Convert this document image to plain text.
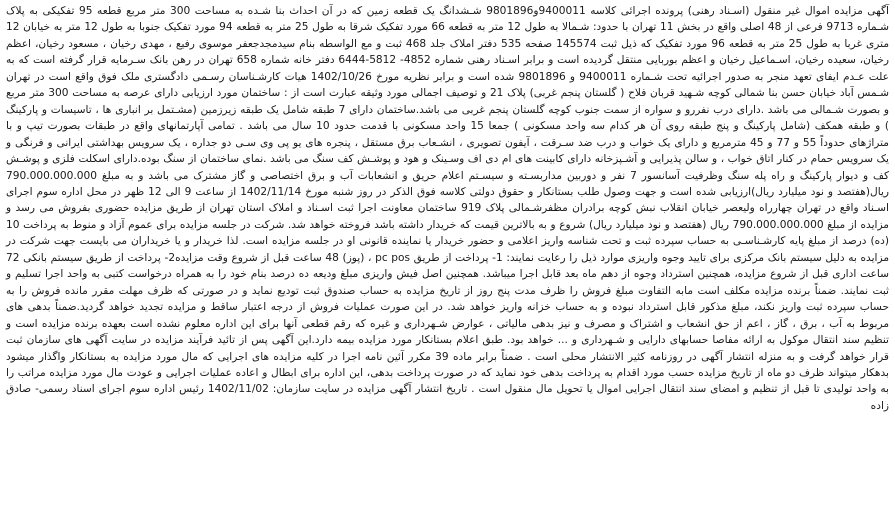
آگهی مزایده اموال غیر منقول (اسـناد رهنی) پرونده اجرائی کلاسه 9400011و9801896 شـشدانگ یک قطعه زمین که در آن احداث بنا شـده به مساحت 300 متر مربع قطعه 95 تفکیکی به پلاک شـماره 9713 فرعی از 48 اصلی واقع در بخش 11 تهران با حدود: شـمالا به طول 12 متر به قطعه 66 مورد تفکیک شرقا به طول 25 متر به قطعه 94 مورد تفکیک جنوبا به طول 12 متر به خیابان 12 متری غربا به طول 25 متر به قطعه 96 مورد تفکیک که ذیل ثبت 145574 صفحه 535 دفتر املاک جلد 468 ثبت و مع الواسطه بنام سیدمجدجعفر موسوی رفیع ، مهدی رخیان ، مسعود رخیان، اعظم رخیان، سعیده رخیان، اسـماعیل رخیان و اعظم بوربایی منتقل گردیده است و برابر اسـناد رهنی شماره 4852- 5812-6444 دفتر خانه شماره 658 تهران در رهن بانک سـرمایه قرار گرفته است که به علت عـدم ایفای تعهد منجر به صدور اجرائیه تحت شـماره 9400011 و 9801896 شده است و برابر نظریه مورخ 1402/10/26 هیات کارشـناسان رسـمی دادگستری ملک فوق واقع است در تهران شـمس آباد خیابان حسن بنا شمالی کوچه شـهید قربان فلاح ( گلستان پنجم غربی) پلاک 21 و توصیف اجمالی مورد وثیقه عبارت است از : ساختمان مورد ارزیابی دارای عرصه به مساحت 300 متر مربع و بصورت شـمالی می باشد .دارای درب نفررو و سواره از سمت جنوب کوچه گلستان پنجم غربی می باشد.ساختمان دارای 7 طبقه شامل یک طبقه زیرزمین (مشـتمل بر انباری ها ، تاسیسات و پارکینگ ) و طبقه همکف (شامل پارکینگ و پنج طبقه روی آن هر کدام سه واحد مسکونی ) جمعا 15 واحد مسکونی با قدمت حدود 10 سال می باشد . تمامی آپارتمانهای واقع در طبقات بصورت تیپ و با متراژهای حدوداً 55 و 77 و 45 مترمربع و دارای یک خواب و درب ضد سـرقت ، آیفون تصویری ، انشـعاب برق مستقل ، پنجره های یو پی وی سـی دو جداره ، یک سرویس بهداشتی ایرانی و فرنگی و یک سرویس حمام در کنار اتاق خواب ، و سالن پذیرایی و آشـپزخانه دارای کابینت های ام دی اف وسـینک و هود و پوشـش کف سنگ می باشد .نمای ساختمان از سنگ بوده.دارای اسکلت فلزی و پوشـش کف و دیوار پارکینگ و راه پله سنگ وظرفیت آسانسور 7 نفر و دوربین مداربسـته و سیسـتم اعلام حریق و انشعابات آب و برق اختصاصی و گاز مشترک می باشد و به مبلغ 790.000.000.000 ریال(هفتصد و نود میلیارد ریال)ارزیابی شده است و جهت وصول طلب بستانکار و حقوق دولتی کلاسه فوق الذکر در روز شنبه مورخ 1402/11/14 از ساعت 9 الی 12 ظهر در محل اداره سوم اجرای اسـناد واقع در تهران چهارراه ولیعصر خیابان انقلاب نبش کوچه برادران مظفرشـمالی پلاک 919 ساختمان معاونت اجرا ثبت اسـناد و املاک استان تهران از طریق مزایده حضوری بفروش می رسد و مزایده از مبلغ 790.000.000.000 ریال (هفتصد و نود میلیارد ریال) شروع و به بالاترین قیمت که خریدار داشته باشد فروخته خواهد شد. شرکت در جلسه مزایده برای عموم آزاد و منوط به پرداخت 10 (ده) درصد از مبلغ پایه کارشـناسـی به حساب سپرده ثبت و تحت شناسه واریز اعلامی و حضور خریدار یا نماینده قانونی او در جلسه مزایده است. لذا خریدار و یا خریداران می بایست جهت شرکت در مزایده به دلیل سیستم بانک مرکزی برای تایید وجوه واریزی موارد ذیل را رعایت نمایند: 1- پرداخت از طریق pc pos ، (پوز) 48 ساعت قبل از شروع وقت مزایده2- پرداخت از طریق سیستم بانکی 72 ساعت اداری قبل از شروع مزایده، همچنین استرداد وجوه از دهم ماه بعد قابل اجرا میباشد. همچنین اصل فیش واریزی مبلغ ودیعه ده درصد بنام خود را به همراه درخواست کتبی به واحد اجرا تسلیم و ثبت نمایند. ضمناً برنده مزایده مکلف است مابه التفاوت مبلغ فروش را ظرف مدت پنج روز از تاریخ مزایده به حساب صندوق ثبت تودیع نماید و در صورتی که ظرف مهلت مقرر مانده فروش را به حساب سپرده ثبت واریز نکند، مبلغ مذکور قابل استرداد نبوده و به حساب خزانه واریز خواهد شد. در این صورت عملیات فروش از درجه اعتبار ساقط و مزایده تجدید خواهد گردید.ضمناً بدهی های مربوط به آب ، برق ، گاز ، اعم از حق انشعاب و اشتراک و مصرف و نیز بدهی مالیاتی ، عوارض شـهرداری و غیره که رقم قطعی آنها برای این اداره معلوم نشده است بعهده برنده مزایده است و تنظیم سند انتقال موکول به ارائه مفاصا حسابهای دارایی و شـهرداری و ... خواهد بود. طبق اعلام بستانکار مورد مزایده بیمه دارد.این آگهی پس از تائید فرآیند مزایده در سایت آگهی های سازمان ثبت قرار خواهد گرفت و به منزله انتشار آگهی در روزنامه کثیر الانتشار محلی است . ضمناً برابر ماده 39 مکرر آئین نامه اجرا در کلیه مزایده های اجرایی که مال مورد مزایده به بستانکار واگذار میشود بدهکار میتواند ظرف دو ماه از تاریخ مزایده حسب مورد اقدام به پرداخت بدهی خود نماید که در صورت پرداخت بدهی، این اداره برای ابطال و اعاده عملیات اجرایی و عودت مال مورد مزایده مراتب را به واحد تولیدی تا قبل از تنظیم و امضای سند انتقال اجرایی اموال یا تحویل مال منقول است . تاریخ انتشار آگهی مزایده در سایت سازمان: 1402/11/02 رئیس اداره سوم اجرای اسناد رسمی- صادق زاده
